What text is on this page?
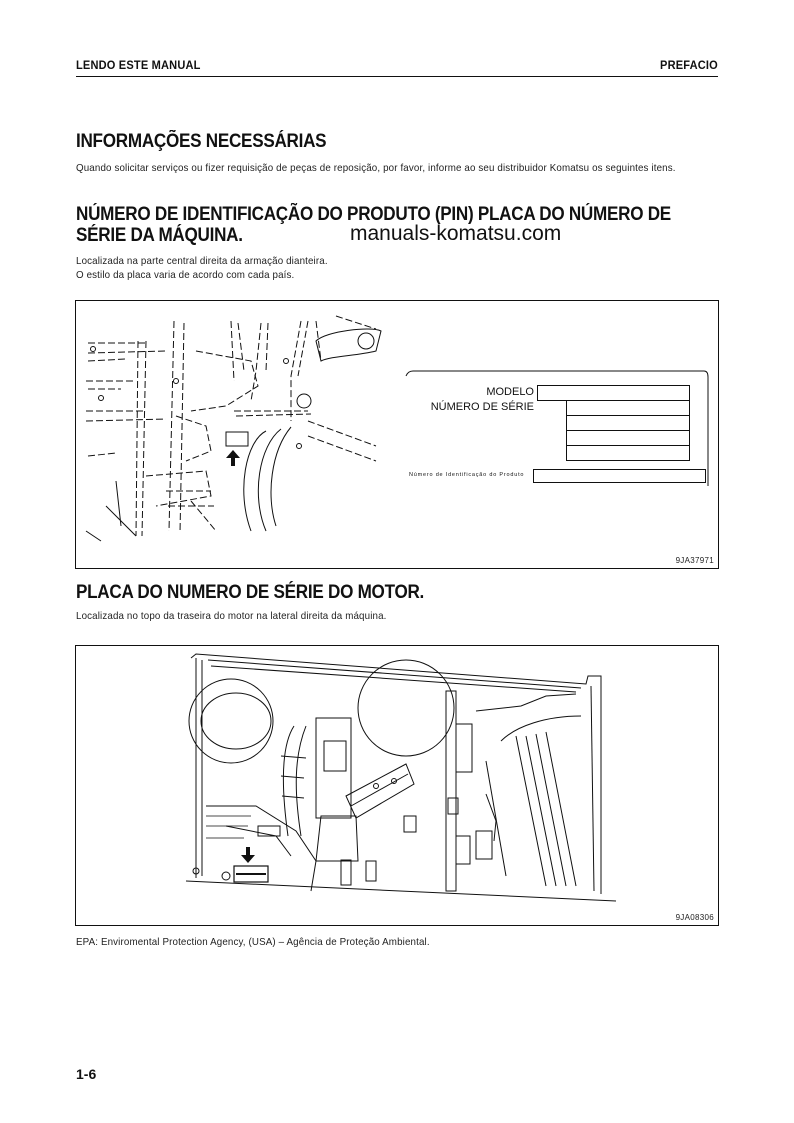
LENDO ESTE MANUAL	PREFACIO
INFORMAÇÕES NECESSÁRIAS
Quando solicitar serviços ou fizer requisição de peças de reposição, por favor, informe ao seu distribuidor Komatsu os seguintes itens.
NÚMERO DE IDENTIFICAÇÃO DO PRODUTO (PIN) PLACA DO NÚMERO DE
SÉRIE DA MÁQUINA.	manuals-komatsu.com
Localizada na parte central direita da armação dianteira.
O estilo da placa varia de acordo com cada país.
MODELO
NÚMERO DE SÉRIE
Número de Identificação do Produto
9JA37971
PLACA DO NUMERO DE SÉRIE DO MOTOR.
Localizada no topo da traseira do motor na lateral direita da máquina.
9JA08306
EPA: Enviromental Protection Agency, (USA) – Agência de Proteção Ambiental.
1-6
